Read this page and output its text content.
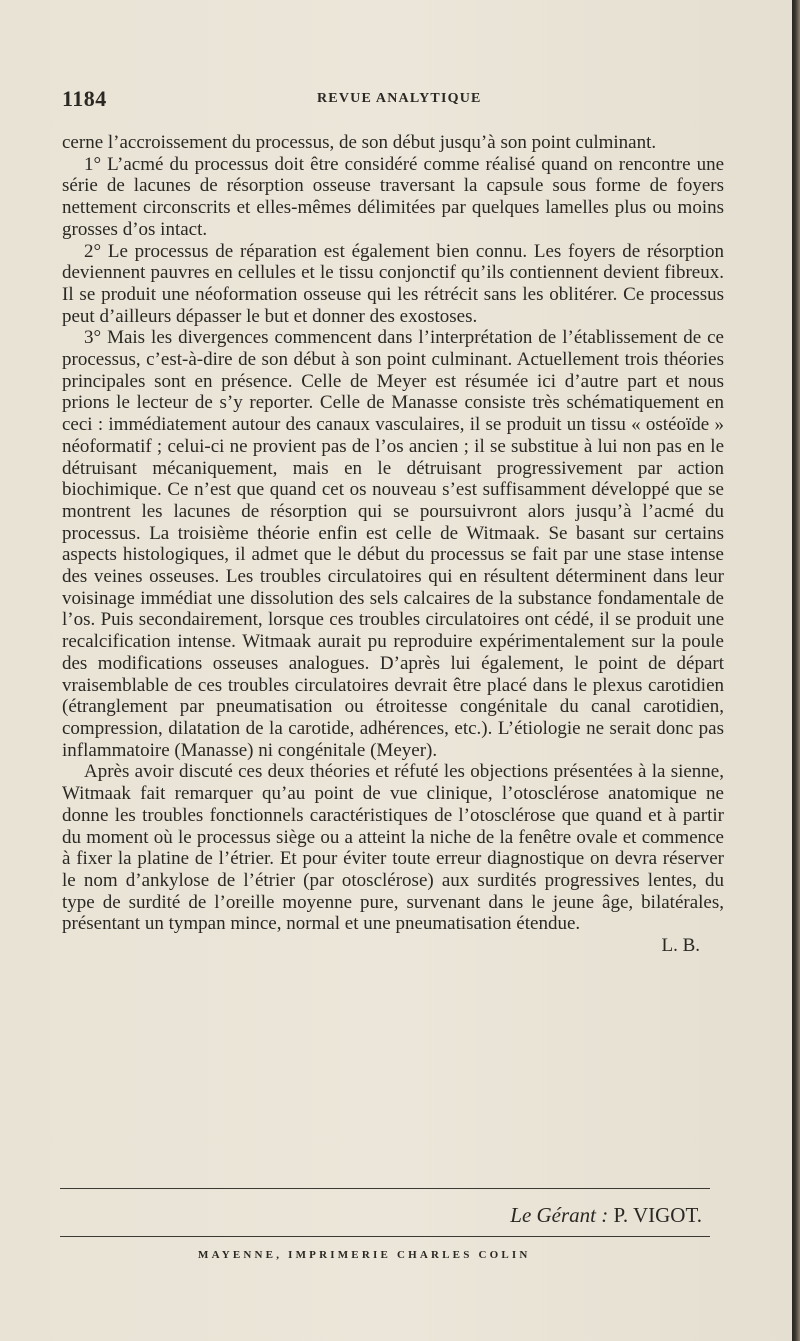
1184	REVUE ANALYTIQUE

cerne l’accroissement du processus, de son début jusqu’à son point culminant.

1° L’acmé du processus doit être considéré comme réalisé quand on rencontre une série de lacunes de résorption osseuse traversant la capsule sous forme de foyers nettement circonscrits et elles-mêmes délimitées par quelques lamelles plus ou moins grosses d’os intact.

2° Le processus de réparation est également bien connu. Les foyers de résorption deviennent pauvres en cellules et le tissu conjonctif qu’ils contiennent devient fibreux. Il se produit une néoformation osseuse qui les rétrécit sans les oblitérer. Ce processus peut d’ailleurs dépasser le but et donner des exostoses.

3° Mais les divergences commencent dans l’interprétation de l’établissement de ce processus, c’est-à-dire de son début à son point culminant. Actuellement trois théories principales sont en présence. Celle de Meyer est résumée ici d’autre part et nous prions le lecteur de s’y reporter. Celle de Manasse consiste très schématiquement en ceci : immédiatement autour des canaux vasculaires, il se produit un tissu « ostéoïde » néoformatif ; celui-ci ne provient pas de l’os ancien ; il se substitue à lui non pas en le détruisant mécaniquement, mais en le détruisant progressivement par action biochimique. Ce n’est que quand cet os nouveau s’est suffisamment développé que se montrent les lacunes de résorption qui se poursuivront alors jusqu’à l’acmé du processus. La troisième théorie enfin est celle de Witmaak. Se basant sur certains aspects histologiques, il admet que le début du processus se fait par une stase intense des veines osseuses. Les troubles circulatoires qui en résultent déterminent dans leur voisinage immédiat une dissolution des sels calcaires de la substance fondamentale de l’os. Puis secondairement, lorsque ces troubles circulatoires ont cédé, il se produit une recalcification intense. Witmaak aurait pu reproduire expérimentalement sur la poule des modifications osseuses analogues. D’après lui également, le point de départ vraisemblable de ces troubles circulatoires devrait être placé dans le plexus carotidien (étranglement par pneumatisation ou étroitesse congénitale du canal carotidien, compression, dilatation de la carotide, adhérences, etc.). L’étiologie ne serait donc pas inflammatoire (Manasse) ni congénitale (Meyer).

Après avoir discuté ces deux théories et réfuté les objections présentées à la sienne, Witmaak fait remarquer qu’au point de vue clinique, l’otosclérose anatomique ne donne les troubles fonctionnels caractéristiques de l’otosclérose que quand et à partir du moment où le processus siège ou a atteint la niche de la fenêtre ovale et commence à fixer la platine de l’étrier. Et pour éviter toute erreur diagnostique on devra réserver le nom d’ankylose de l’étrier (par otosclérose) aux surdités progressives lentes, du type de surdité de l’oreille moyenne pure, survenant dans le jeune âge, bilatérales, présentant un tympan mince, normal et une pneumatisation étendue.

L. B.

Le Gérant : P. VIGOT.
MAYENNE, IMPRIMERIE CHARLES COLIN
